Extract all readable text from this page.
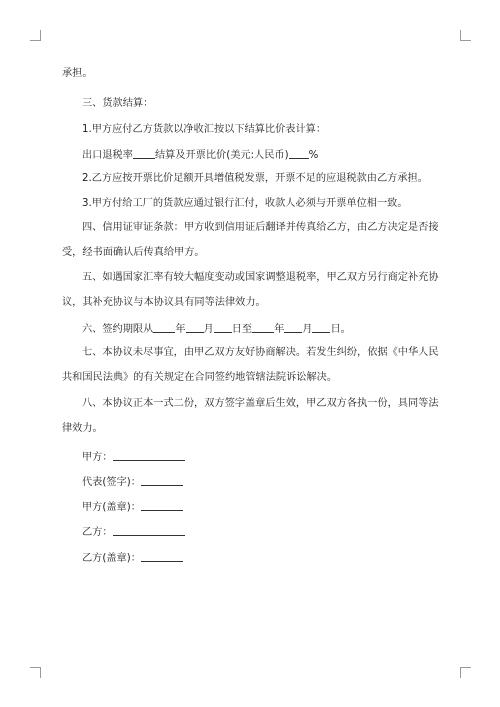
承担。
三、货款结算：
1.甲方应付乙方货款以净收汇按以下结算比价表计算：
出口退税率 结算及开票比价(美元:人民币) %
2.乙方应按开票比价足额开具增值税发票，开票不足的应退税款由乙方承担。
3.甲方付给工厂的货款应通过银行汇付，收款人必须与开票单位相一致。
四、信用证审证条款：甲方收到信用证后翻译并传真给乙方，由乙方决定是否接
受，经书面确认后传真给甲方。
五、如遇国家汇率有较大幅度变动或国家调整退税率，甲乙双方另行商定补充协
议，其补充协议与本协议具有同等法律效力。
六、签约期限从 年 月 日至 年 月 日。
七、本协议未尽事宜，由甲乙双方友好协商解决。若发生纠纷，依据《中华人民
共和国民法典》的有关规定在合同签约地管辖法院诉讼解决。
八、本协议正本一式二份，双方签字盖章后生效，甲乙双方各执一份，具同等法
律效力。
甲方：
代表(签字)：
甲方(盖章)：
乙方：
乙方(盖章)：
